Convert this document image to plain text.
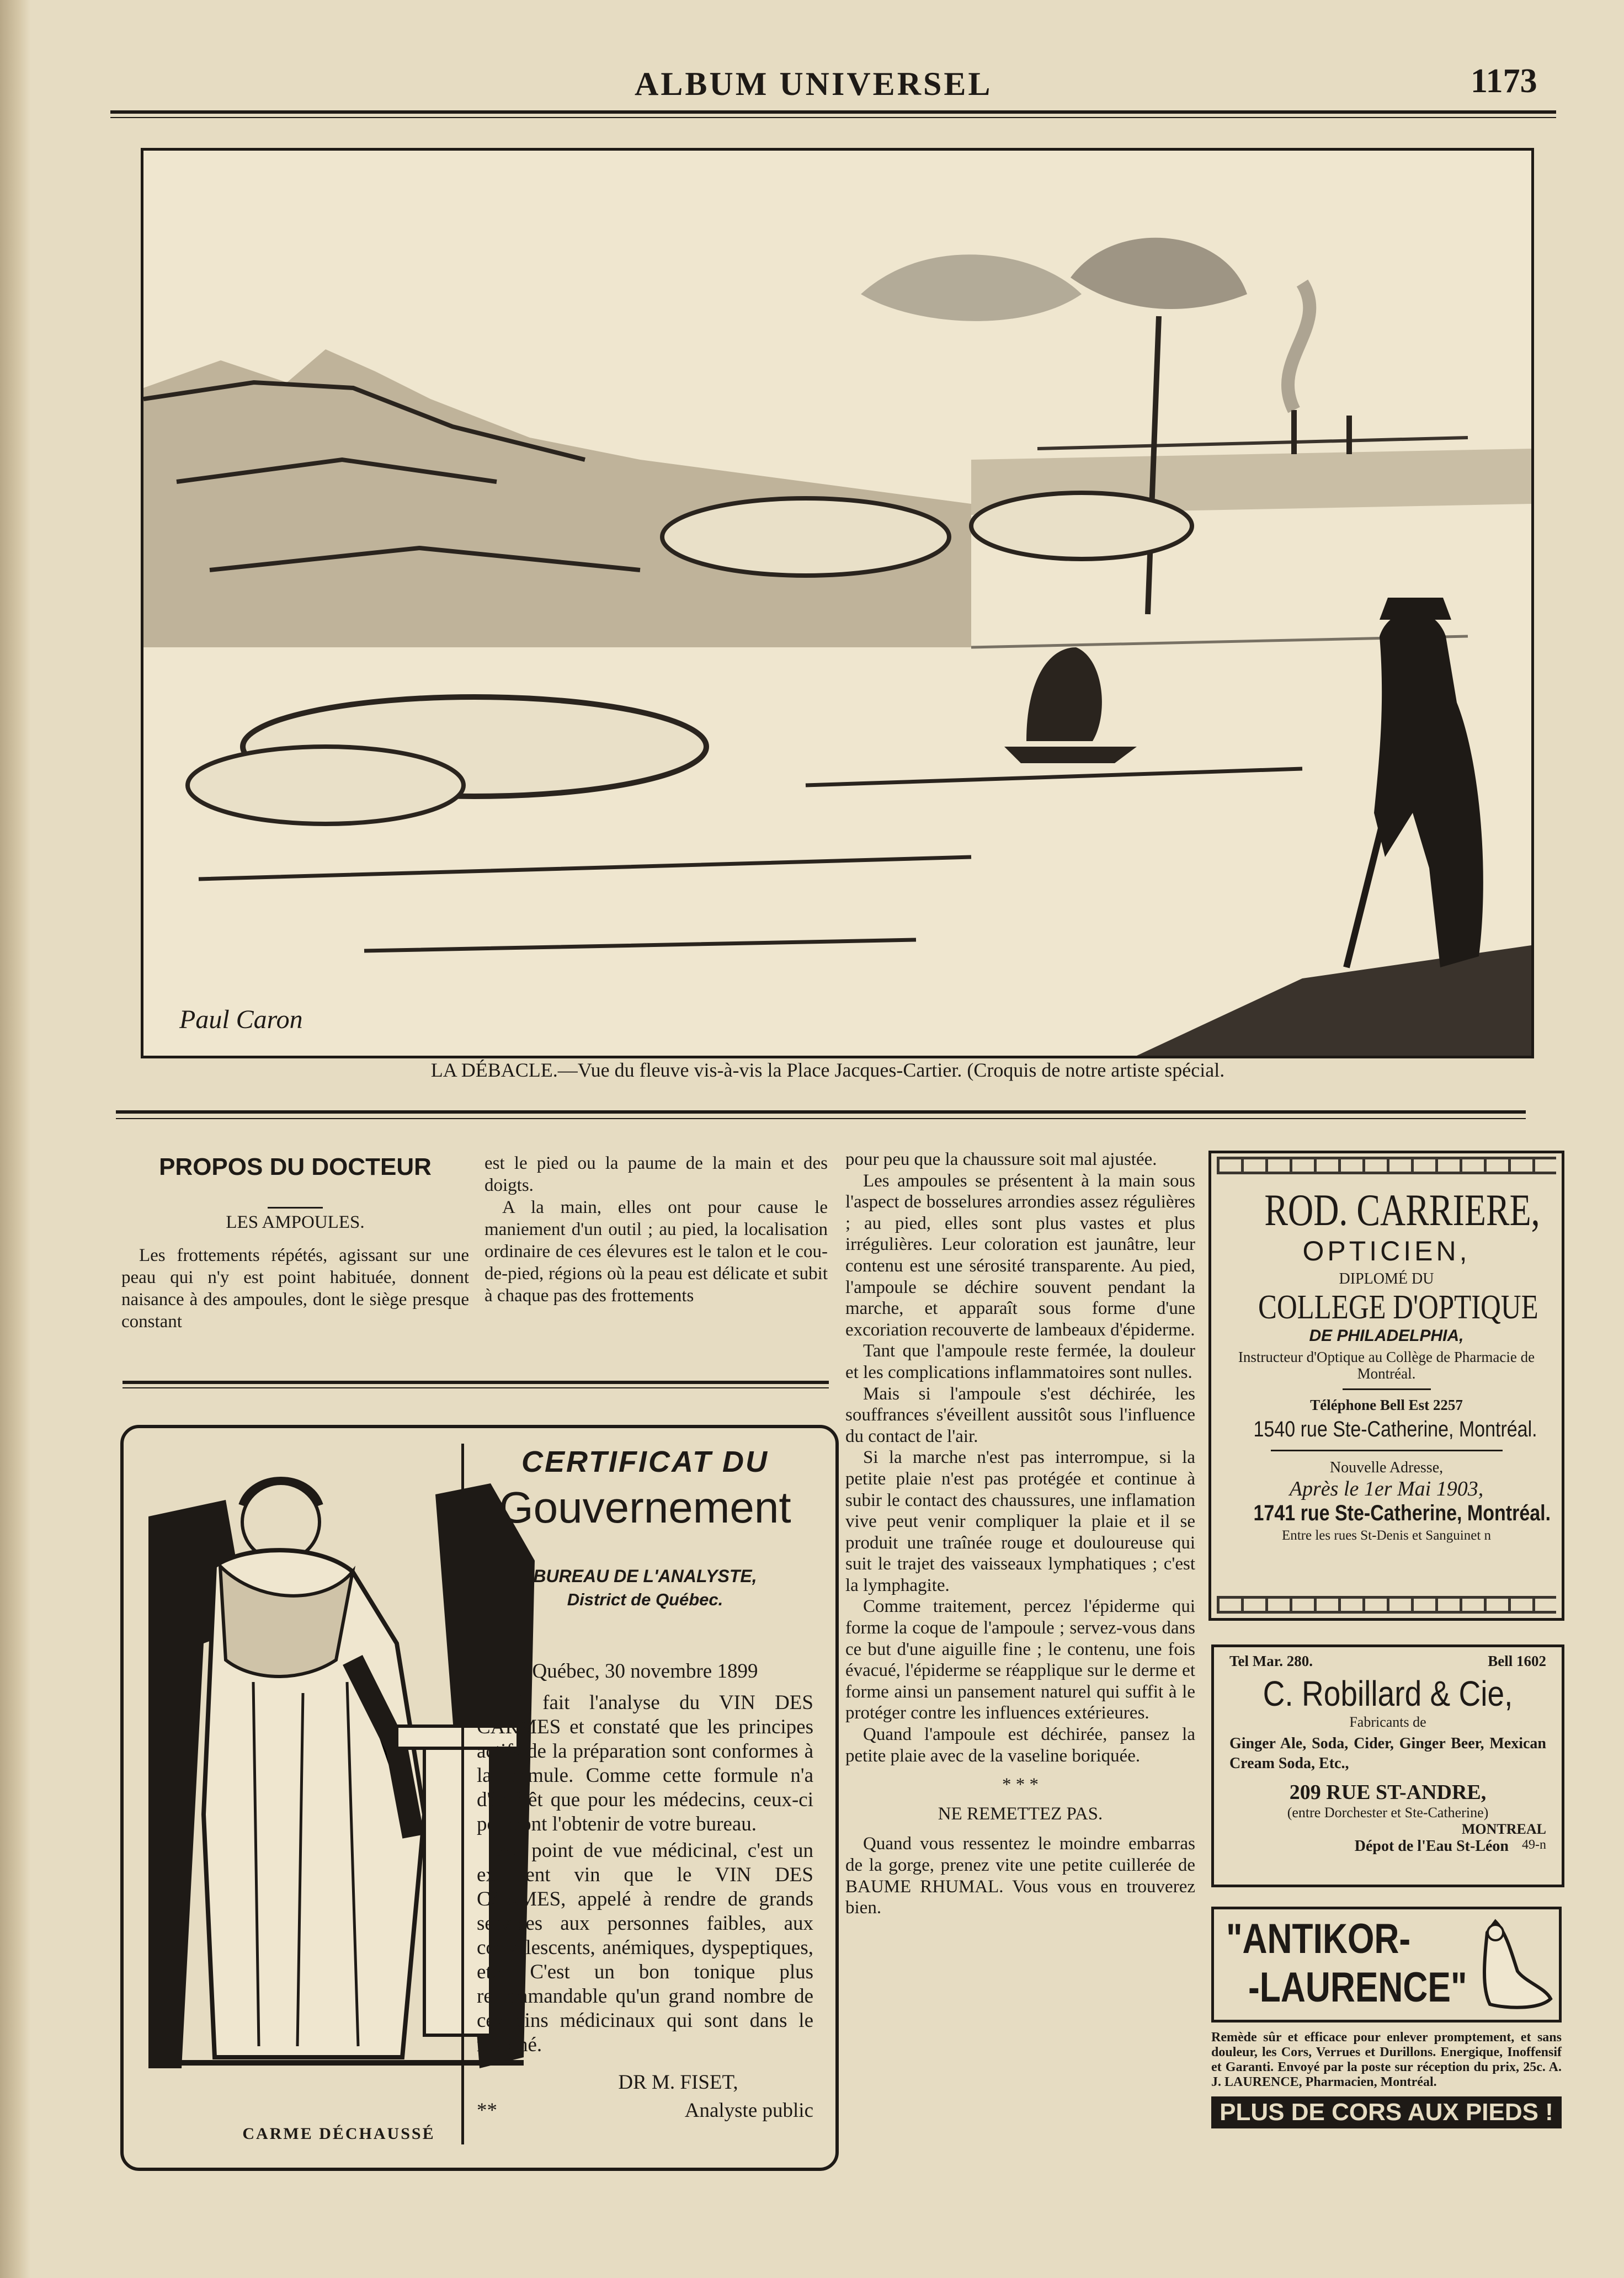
ALBUM UNIVERSEL	1173
Paul Caron
LA DÉBACLE.—Vue du fleuve vis-à-vis la Place Jacques-Cartier. (Croquis de notre artiste spécial.
PROPOS DU DOCTEUR
LES AMPOULES.

Les frottements répétés, agissant sur une peau qui n'y est point habituée, donnent naisance à des ampoules, dont le siège presque constant

est le pied ou la paume de la main et des doigts.

A la main, elles ont pour cause le maniement d'un outil ; au pied, la localisation ordinaire de ces élevures est le talon et le cou-de-pied, régions où la peau est délicate et subit à chaque pas des frottements

pour peu que la chaussure soit mal ajustée.

Les ampoules se présentent à la main sous l'aspect de bosselures arrondies assez régulières ; au pied, elles sont plus vastes et plus irrégulières. Leur coloration est jaunâtre, leur contenu est une sérosité transparente. Au pied, l'ampoule se déchire souvent pendant la marche, et apparaît sous forme d'une excoriation recouverte de lambeaux d'épiderme.

Tant que l'ampoule reste fermée, la douleur et les complications inflammatoires sont nulles.

Mais si l'ampoule s'est déchirée, les souffrances s'éveillent aussitôt sous l'influence du contact de l'air.

Si la marche n'est pas interrompue, si la petite plaie n'est pas protégée et continue à subir le contact des chaussures, une inflamation vive peut venir compliquer la plaie et il se produit une traînée rouge et douloureuse qui suit le trajet des vaisseaux lymphatiques ; c'est la lymphagite.

Comme traitement, percez l'épiderme qui forme la coque de l'ampoule ; servez-vous dans ce but d'une aiguille fine ; le contenu, une fois évacué, l'épiderme se réapplique sur le derme et forme ainsi un pansement naturel qui suffit à le protéger contre les influences extérieures.

Quand l'ampoule est déchirée, pansez la petite plaie avec de la vaseline boriquée.

* * *
NE REMETTEZ PAS.

Quand vous ressentez le moindre embarras de la gorge, prenez vite une petite cuillerée de BAUME RHUMAL. Vous vous en trouverez bien.

CARME DÉCHAUSSÉ
CERTIFICAT DU
Gouvernement
BUREAU DE L'ANALYSTE,
District de Québec.
Québec, 30 novembre 1899
J'ai fait l'analyse du VIN DES CARMES et constaté que les principes actifs de la préparation sont conformes à la formule. Comme cette formule n'a d'intérêt que pour les médecins, ceux-ci pourront l'obtenir de votre bureau.
Au point de vue médicinal, c'est un excellent vin que le VIN DES CARMES, appelé à rendre de grands services aux personnes faibles, aux convalescents, anémiques, dyspeptiques, etc. C'est un bon tonique plus recommandable qu'un grand nombre de ces vins médicinaux qui sont dans le marché.
DR M. FISET,
**	Analyste public
ROD. CARRIERE,
OPTICIEN,
DIPLOMÉ DU
COLLEGE D'OPTIQUE
DE PHILADELPHIA,
Instructeur d'Optique au Collège de Pharmacie de Montréal.
Téléphone Bell Est 2257
1540 rue Ste-Catherine, Montréal.
Nouvelle Adresse,
Après le 1er Mai 1903,
1741 rue Ste-Catherine, Montréal.
Entre les rues St-Denis et Sanguinet n
Tel Mar. 280.	Bell 1602
C. Robillard & Cie,
Fabricants de
Ginger Ale, Soda, Cider, Ginger Beer, Mexican Cream Soda, Etc.,
209 RUE ST-ANDRE,
(entre Dorchester et Ste-Catherine)
MONTREAL
Dépot de l'Eau St-Léon 49-n
"ANTIKOR-
-LAURENCE"
Remède sûr et efficace pour enlever promptement, et sans douleur, les Cors, Verrues et Durillons. Energique, Inoffensif et Garanti. Envoyé par la poste sur réception du prix, 25c. A. J. LAURENCE, Pharmacien, Montréal.
PLUS DE CORS AUX PIEDS !
